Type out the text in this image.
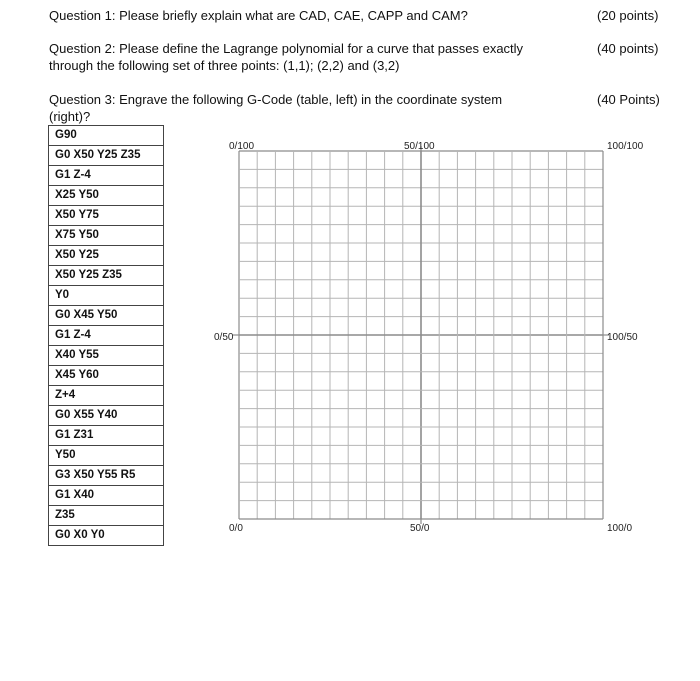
Question 1: Please briefly explain what are CAD, CAE, CAPP and CAM?	(20 points)
Question 2: Please define the Lagrange polynomial for a curve that passes exactly
through the following set of three points: (1,1); (2,2) and (3,2)
(40 points)
Question 3: Engrave the following G-Code (table, left) in the coordinate system
(right)?
(40 Points)
G90
G0 X50 Y25 Z35
G1 Z-4
X25 Y50
X50 Y75
X75 Y50
X50 Y25
X50 Y25 Z35
Y0
G0 X45 Y50
G1 Z-4
X40 Y55
X45 Y60
Z+4
G0 X55 Y40
G1 Z31
Y50
G3 X50 Y55 R5
G1 X40
Z35
G0 X0 Y0
0/100	50/100	100/100
0/50	100/50
0/0	50/0	100/0
